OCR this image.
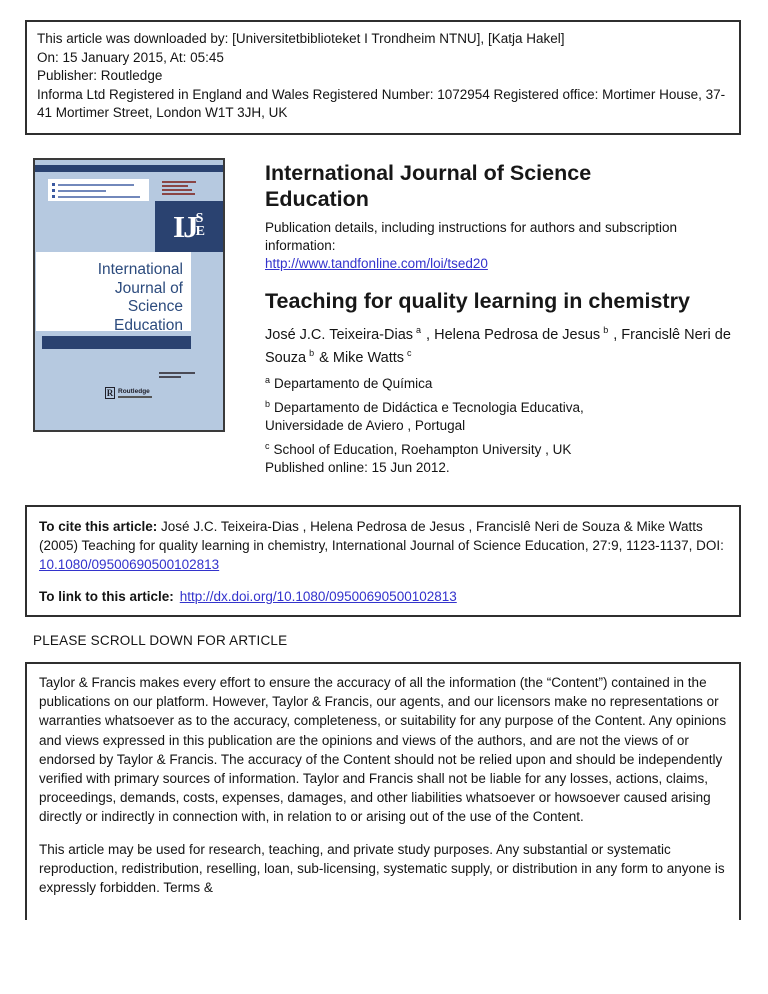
This article was downloaded by: [Universitetbiblioteket I Trondheim NTNU], [Katja Hakel]
On: 15 January 2015, At: 05:45
Publisher: Routledge
Informa Ltd Registered in England and Wales Registered Number: 1072954 Registered office: Mortimer House, 37-41 Mortimer Street, London W1T 3JH, UK
IJ S
E
International
Journal of
Science
Education
R Routledge
International Journal of Science Education
Publication details, including instructions for authors and subscription information:
http://www.tandfonline.com/loi/tsed20
Teaching for quality learning in chemistry
José J.C. Teixeira-Dias $^a$ , Helena Pedrosa de Jesus $^b$ , Francislê Neri de Souza $^b$ & Mike Watts $^c$
$^a$ Departamento de Química
$^b$ Departamento de Didáctica e Tecnologia Educativa, Universidade de Aviero , Portugal
$^c$ School of Education, Roehampton University , UK
Published online: 15 Jun 2012.
To cite this article: José J.C. Teixeira-Dias , Helena Pedrosa de Jesus , Francislê Neri de Souza & Mike Watts (2005) Teaching for quality learning in chemistry, International Journal of Science Education, 27:9, 1123-1137, DOI: 10.1080/09500690500102813
To link to this article: http://dx.doi.org/10.1080/09500690500102813
PLEASE SCROLL DOWN FOR ARTICLE
Taylor & Francis makes every effort to ensure the accuracy of all the information (the “Content”) contained in the publications on our platform. However, Taylor & Francis, our agents, and our licensors make no representations or warranties whatsoever as to the accuracy, completeness, or suitability for any purpose of the Content. Any opinions and views expressed in this publication are the opinions and views of the authors, and are not the views of or endorsed by Taylor & Francis. The accuracy of the Content should not be relied upon and should be independently verified with primary sources of information. Taylor and Francis shall not be liable for any losses, actions, claims, proceedings, demands, costs, expenses, damages, and other liabilities whatsoever or howsoever caused arising directly or indirectly in connection with, in relation to or arising out of the use of the Content.
This article may be used for research, teaching, and private study purposes. Any substantial or systematic reproduction, redistribution, reselling, loan, sub-licensing, systematic supply, or distribution in any form to anyone is expressly forbidden. Terms &
